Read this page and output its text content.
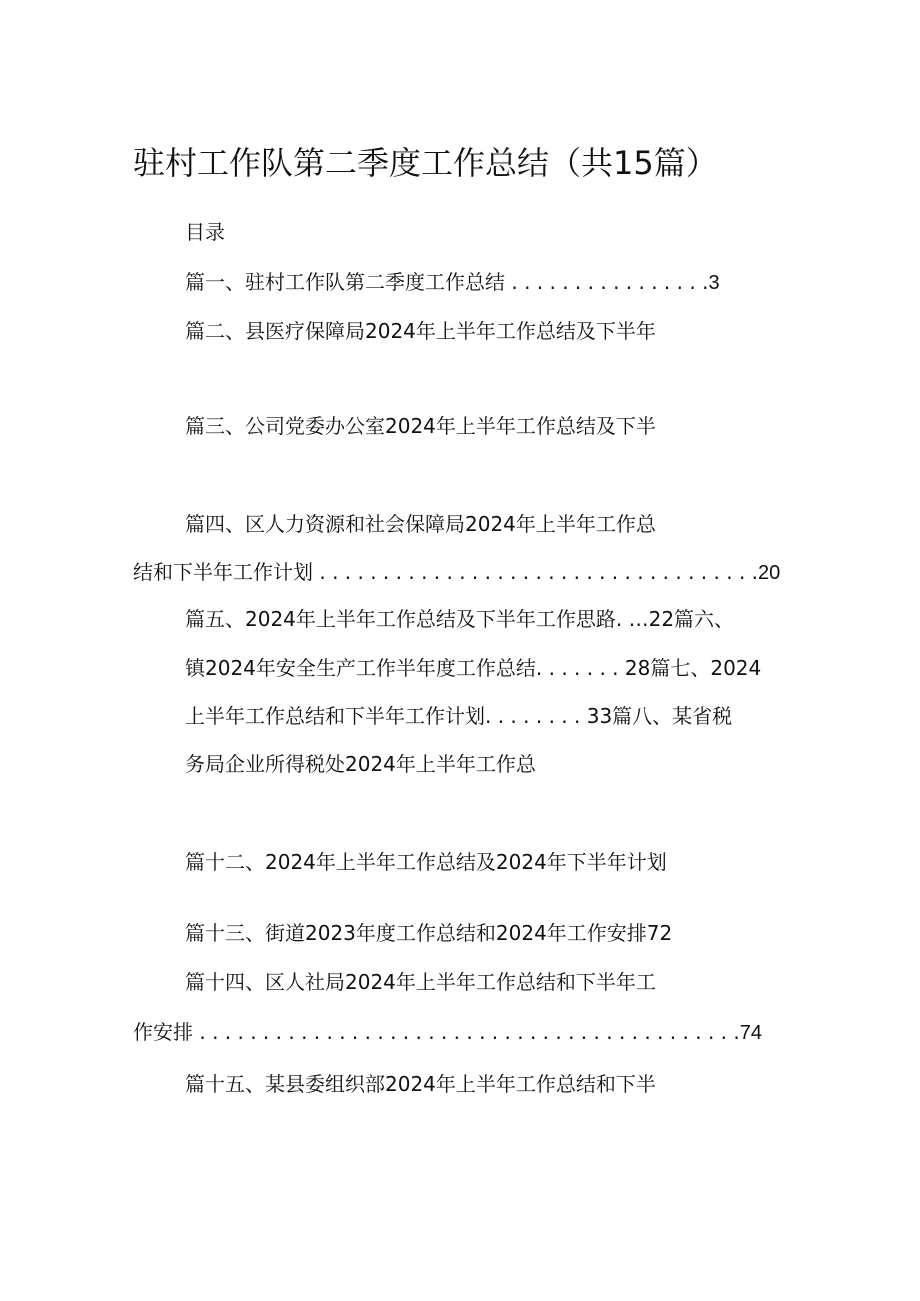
驻村工作队第二季度工作总结（共15篇）
目录
篇一、驻村工作队第二季度工作总结 . . . . . . . . . . . . . . . .3
篇二、县医疗保障局2024年上半年工作总结及下半年
篇三、公司党委办公室2024年上半年工作总结及下半
篇四、区人力资源和社会保障局2024年上半年工作总
结和下半年工作计划 . . . . . . . . . . . . . . . . . . . . . . . . . . . . . . . . . . .20
篇五、2024年上半年工作总结及下半年工作思路. …22篇六、
镇2024年安全生产工作半年度工作总结. . . . . . . 28篇七、2024
上半年工作总结和下半年工作计划. . . . . . . . 33篇八、某省税
务局企业所得税处2024年上半年工作总
篇十二、2024年上半年工作总结及2024年下半年计划
篇十三、街道2023年度工作总结和2024年工作安排72
篇十四、区人社局2024年上半年工作总结和下半年工
作安排 . . . . . . . . . . . . . . . . . . . . . . . . . . . . . . . . . . . . . . . . . . .74
篇十五、某县委组织部2024年上半年工作总结和下半
